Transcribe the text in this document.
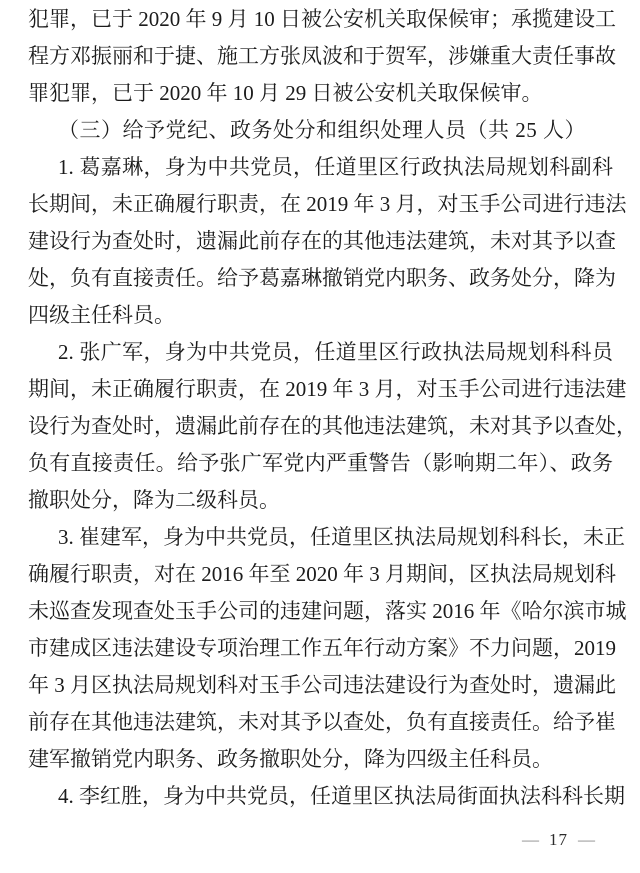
犯罪，已于 2020 年 9 月 10 日被公安机关取保候审；承揽建设工
程方邓振丽和于捷、施工方张凤波和于贺军，涉嫌重大责任事故
罪犯罪，已于 2020 年 10 月 29 日被公安机关取保候审。
（三）给予党纪、政务处分和组织处理人员（共 25 人）
1. 葛嘉琳，身为中共党员，任道里区行政执法局规划科副科
长期间，未正确履行职责，在 2019 年 3 月，对玉手公司进行违法
建设行为查处时，遗漏此前存在的其他违法建筑，未对其予以查
处，负有直接责任。给予葛嘉琳撤销党内职务、政务处分，降为
四级主任科员。
2. 张广军，身为中共党员，任道里区行政执法局规划科科员
期间，未正确履行职责，在 2019 年 3 月，对玉手公司进行违法建
设行为查处时，遗漏此前存在的其他违法建筑，未对其予以查处，
负有直接责任。给予张广军党内严重警告（影响期二年）、政务
撤职处分，降为二级科员。
3. 崔建军，身为中共党员，任道里区执法局规划科科长，未正
确履行职责，对在 2016 年至 2020 年 3 月期间，区执法局规划科
未巡查发现查处玉手公司的违建问题，落实 2016 年《哈尔滨市城
市建成区违法建设专项治理工作五年行动方案》不力问题，2019
年 3 月区执法局规划科对玉手公司违法建设行为查处时，遗漏此
前存在其他违法建筑，未对其予以查处，负有直接责任。给予崔
建军撤销党内职务、政务撤职处分，降为四级主任科员。
4. 李红胜，身为中共党员，任道里区执法局街面执法科科长期
— 17 —
